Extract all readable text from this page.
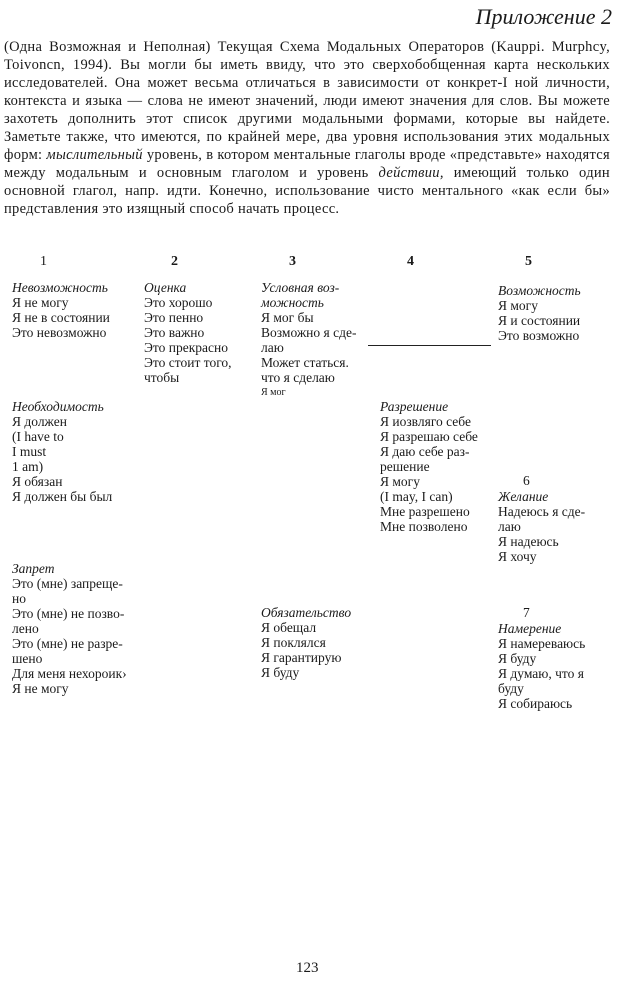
Приложение 2
(Одна Возможная и Неполная) Текущая Схема Модальных Операторов (Kauppi. Murphcy, Toivoncn, 1994). Вы могли бы иметь ввиду, что это сверхобобщенная карта нескольких исследователей. Она может весьма отличаться в зависимости от конкрет-I ной личности, контекста и языка — слова не имеют значений, люди имеют значения для слов. Вы можете захотеть дополнить этот список другими модальными формами, которые вы найдете. Заметьте также, что имеются, по крайней мере, два уровня использования этих модальных форм: мыслительный уровень, в котором ментальные глаголы вроде «представьте» находятся между модальным и основным глаголом и уровень действии, имеющий только один основной глагол, напр. идти. Конечно, использование чисто ментального «как если бы» представления это изящный способ начать процесс.
1	2	3	4	5
Невозможность
Я не могу
Я не в состоянии
Это невозможно
Оценка
Это хорошо
Это пенно
Это важно
Это прекрасно
Это стоит того,
чтобы
Условная воз-
можность
Я мог бы
Возможно я сде-
лаю
Может статься.
что я сделаю
Я мог
Возможность
Я могу
Я и состоянии
Это возможно
Необходимость
Я должен
(I have to
I must
1 am)
Я обязан
Я должен бы был
Разрешение
Я иозвляго себе
Я разрешаю себе
Я даю себе раз-
решение
Я могу
(I may, I can)
Мне разрешено
Мне позволено
6
Желание
Надеюсь я сде-
лаю
Я надеюсь
Я хочу
Запрет
Это (мне) запреще-
но
Это (мне) не позво-
лено
Это (мне) не разре-
шено
Для меня нехороик›
Я не могу
Обязательство
Я обещал
Я поклялся
Я гарантирую
Я буду
7
Намерение
Я намереваюсь
Я буду
Я думаю, что я
буду
Я собираюсь
123
